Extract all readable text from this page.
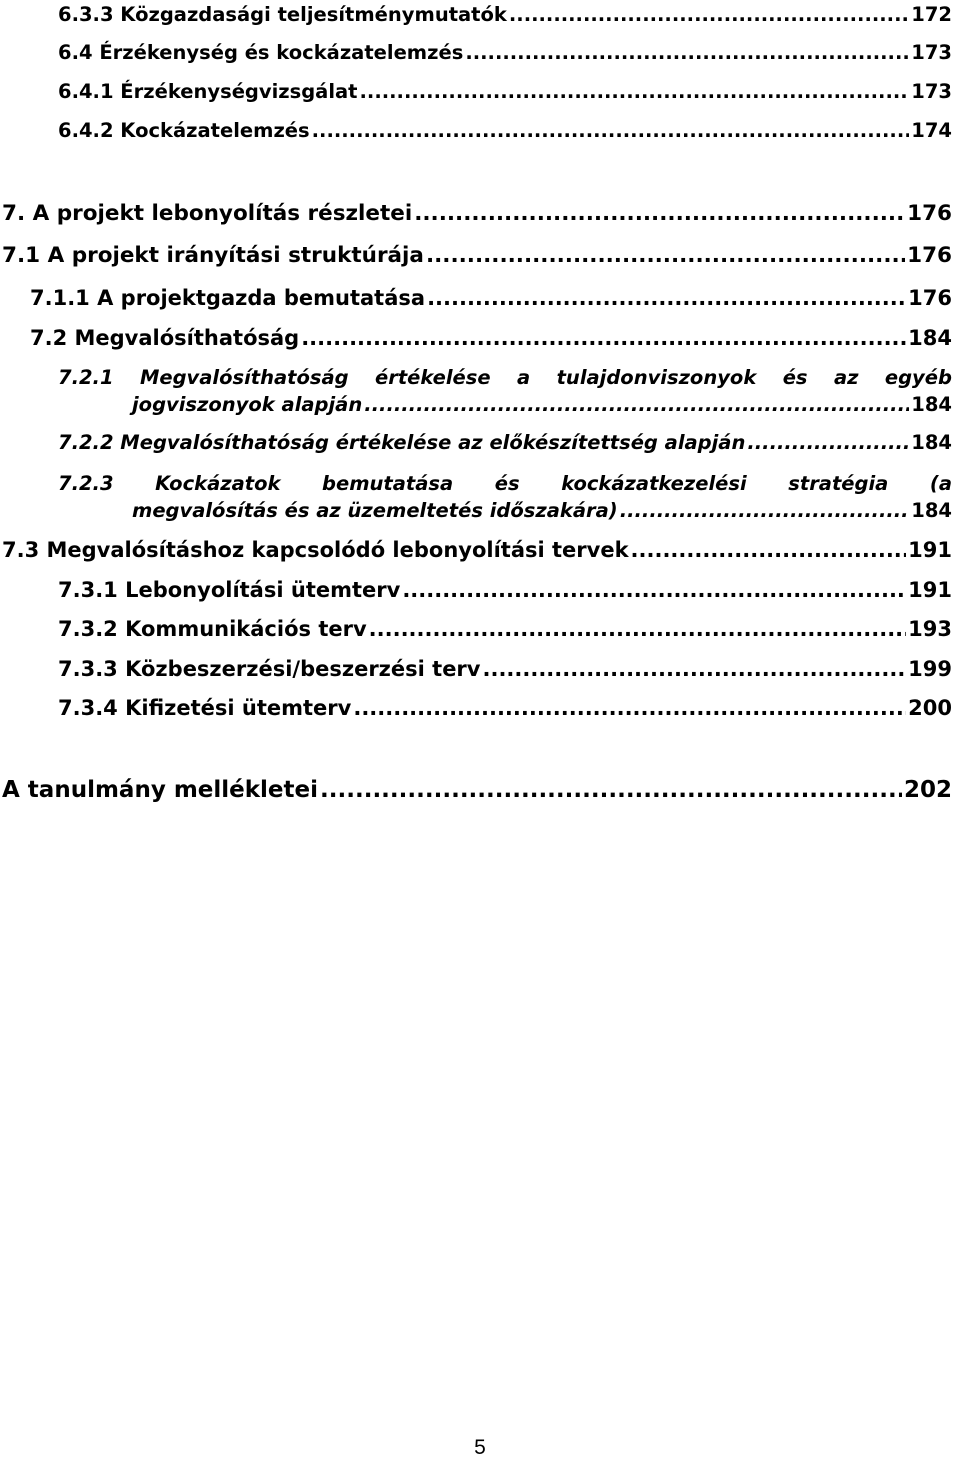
6.3.3 Közgazdasági teljesítménymutatók .....	172
6.4 Érzékenység és kockázatelemzés .....	173
6.4.1 Érzékenységvizsgálat .....	173
6.4.2 Kockázatelemzés .....	174
7. A projekt lebonyolítás részletei .....	176
7.1 A projekt irányítási struktúrája .....	176
7.1.1 A projektgazda bemutatása .....	176
7.2 Megvalósíthatóság .....	184
7.2.1 Megvalósíthatóság értékelése a tulajdonviszonyok és az egyéb
jogviszonyok alapján .....	184
7.2.2 Megvalósíthatóság értékelése az előkészítettség alapján .....	184
7.2.3 Kockázatok bemutatása és kockázatkezelési stratégia (a
megvalósítás és az üzemeltetés időszakára) .....	184
7.3 Megvalósításhoz kapcsolódó lebonyolítási tervek .....	191
7.3.1 Lebonyolítási ütemterv .....	191
7.3.2 Kommunikációs terv .....	193
7.3.3 Közbeszerzési/beszerzési terv .....	199
7.3.4 Kifizetési ütemterv .....	200
A tanulmány mellékletei .....	202
5
